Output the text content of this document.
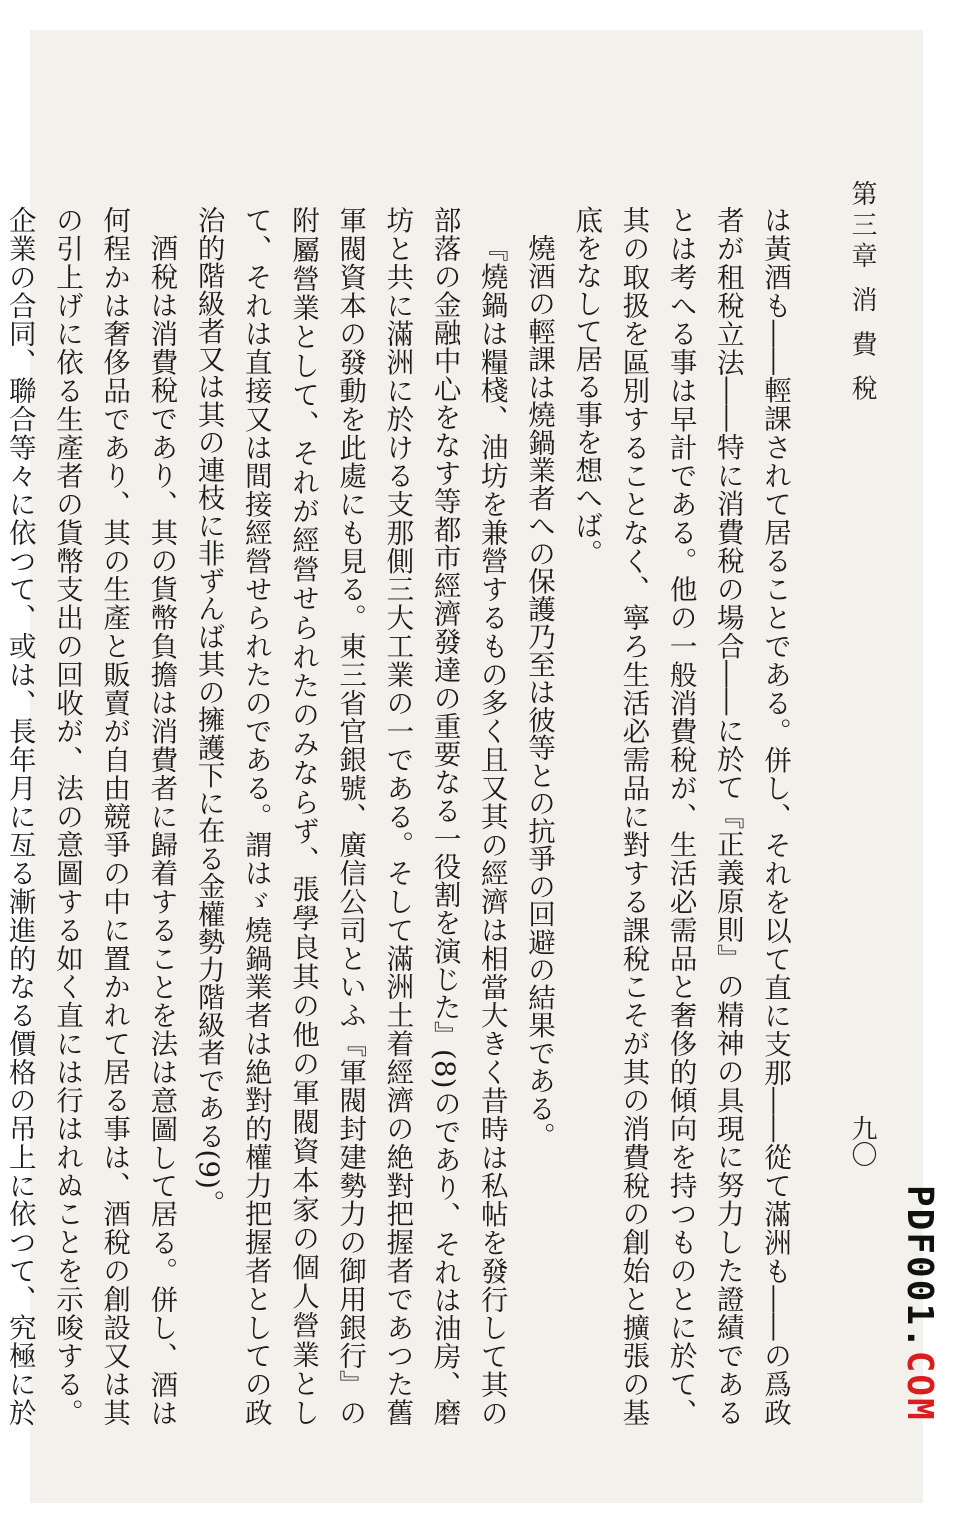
第三章 消 費 稅
九〇

は黃酒も――輕課されて居ることである。併し、それを以て直に支那――從て滿洲も――の爲政者が租稅立法――特に消費稅の場合――に於て『正義原則』の精神の具現に努力した證績であるとは考へる事は早計である。他の一般消費稅が、生活必需品と奢侈的傾向を持つものとに於て、其の取扱を區別することなく、寧ろ生活必需品に對する課稅こそが其の消費稅の創始と擴張の基底をなして居る事を想へば。

燒酒の輕課は燒鍋業者への保護乃至は彼等との抗爭の回避の結果である。

『燒鍋は糧棧、油坊を兼營するもの多く且又其の經濟は相當大きく昔時は私帖を發行して其の部落の金融中心をなす等都市經濟發達の重要なる一役割を演じた』(8)のであり、それは油房、磨坊と共に滿洲に於ける支那側三大工業の一である。そして滿洲土着經濟の絶對把握者であつた舊軍閥資本の發動を此處にも見る。東三省官銀號、廣信公司といふ『軍閥封建勢力の御用銀行』の附屬營業として、それが經營せられたのみならず、張學良其の他の軍閥資本家の個人營業として、それは直接又は間接經營せられたのである。謂はゞ燒鍋業者は絶對的權力把握者としての政治的階級者又は其の連枝に非ずんば其の擁護下に在る金權勢力階級者である(9)。

酒稅は消費稅であり、其の貨幣負擔は消費者に歸着することを法は意圖して居る。併し、酒は何程かは奢侈品であり、其の生產と販賣が自由競爭の中に置かれて居る事は、酒稅の創設又は其の引上げに依る生產者の貨幣支出の回收が、法の意圖する如く直には行はれぬことを示唆する。企業の合同、聯合等々に依つて、或は、長年月に亙る漸進的なる價格の吊上に依つて、究極に於

PDF001.COM
